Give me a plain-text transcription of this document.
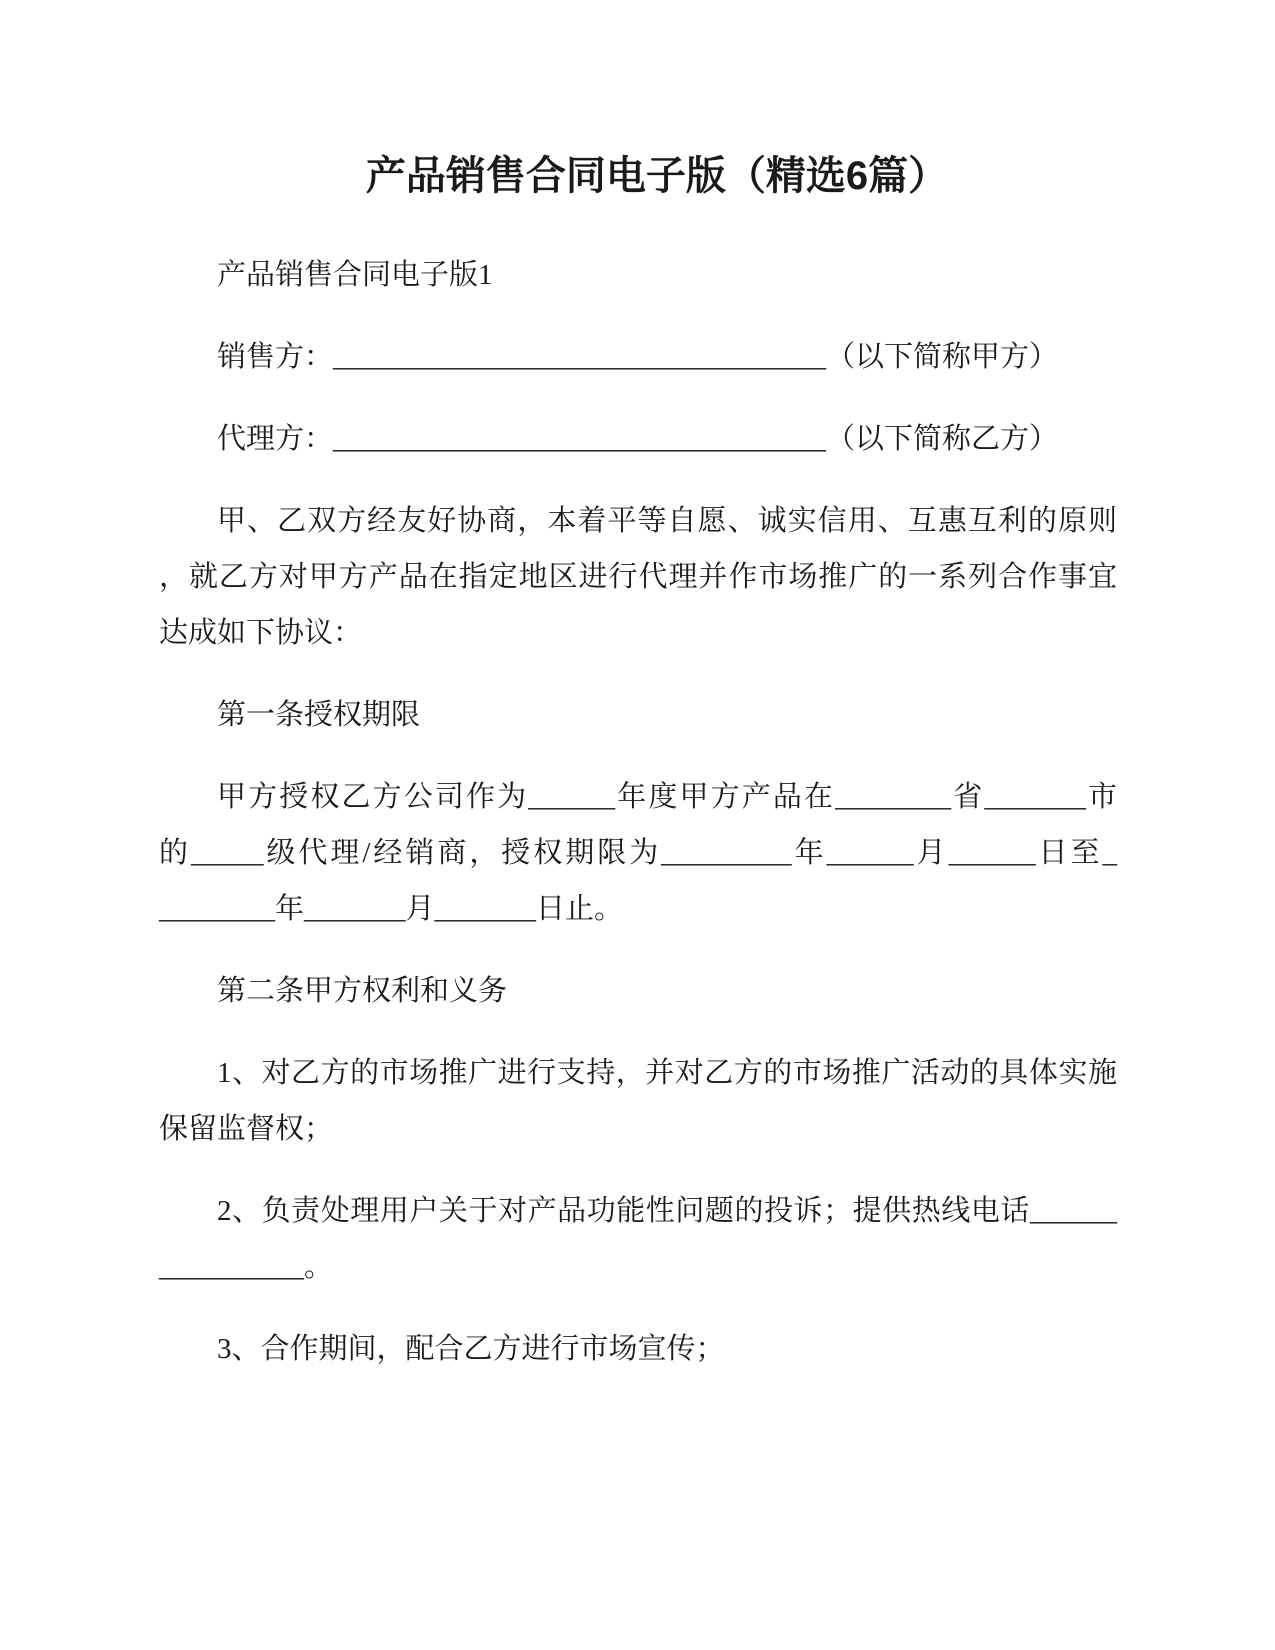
产品销售合同电子版（精选6篇）
产品销售合同电子版1
销售方：__________________________________（以下简称甲方）
代理方：__________________________________（以下简称乙方）
甲、乙双方经友好协商，本着平等自愿、诚实信用、互惠互利的原则
，就乙方对甲方产品在指定地区进行代理并作市场推广的一系列合作事宜
达成如下协议：
第一条授权期限
甲方授权乙方公司作为______年度甲方产品在________省_______市
的_____级代理/经销商，授权期限为_________年______月______日至_
________年_______月_______日止。
第二条甲方权利和义务
1、对乙方的市场推广进行支持，并对乙方的市场推广活动的具体实施
保留监督权；
2、负责处理用户关于对产品功能性问题的投诉；提供热线电话______
__________。
3、合作期间，配合乙方进行市场宣传；
